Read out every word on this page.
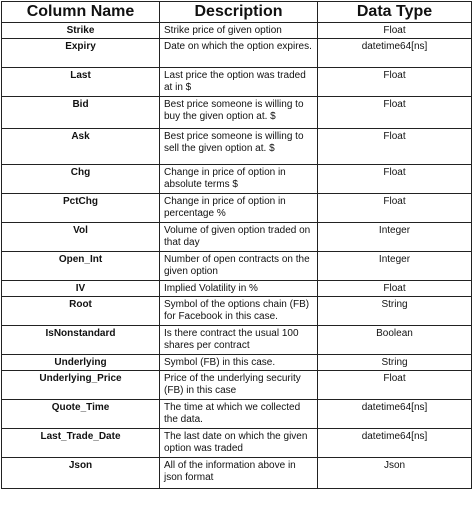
Column Name	Description	Data Type
Strike	Strike price of given option	Float
Expiry	Date on which the option expires.	datetime64[ns]
Last	Last price the option was traded at in $	Float
Bid	Best price someone is willing to buy the given option at. $	Float
Ask	Best price someone is willing to sell the given option at. $	Float
Chg	Change in price of option in absolute terms $	Float
PctChg	Change in price of option in percentage %	Float
Vol	Volume of given option traded on that day	Integer
Open_Int	Number of open contracts on the given option	Integer
IV	Implied Volatility in %	Float
Root	Symbol of the options chain (FB) for Facebook in this case.	String
IsNonstandard	Is there contract the usual 100 shares per contract	Boolean
Underlying	Symbol (FB) in this case.	String
Underlying_Price	Price of the underlying security (FB) in this case	Float
Quote_Time	The time at which we collected the data.	datetime64[ns]
Last_Trade_Date	The last date on which the given option was traded	datetime64[ns]
Json	All of the information above in json format	Json
